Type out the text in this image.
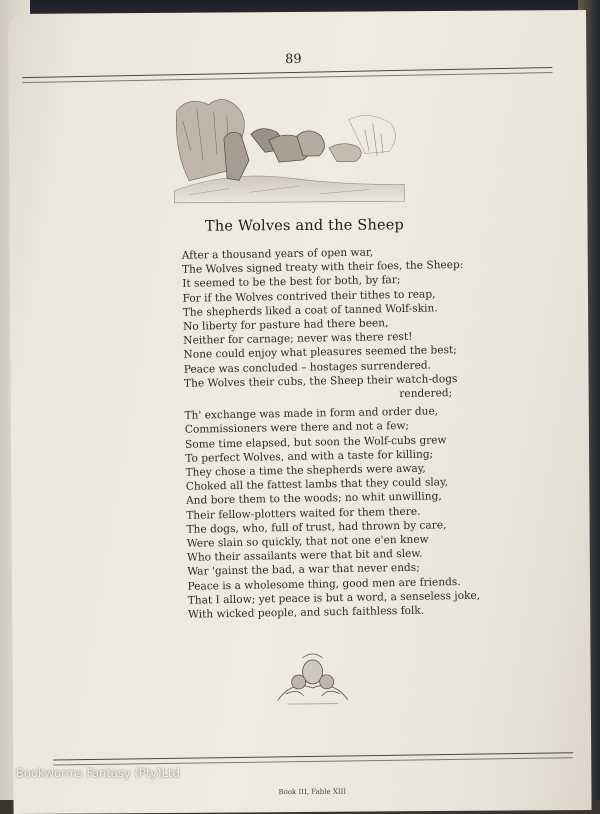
89
The Wolves and the Sheep
After a thousand years of open war,
The Wolves signed treaty with their foes, the Sheep:
It seemed to be the best for both, by far;
For if the Wolves contrived their tithes to reap,
The shepherds liked a coat of tanned Wolf-skin.
No liberty for pasture had there been,
Neither for carnage; never was there rest!
None could enjoy what pleasures seemed the best;
Peace was concluded – hostages surrendered.
The Wolves their cubs, the Sheep their watch-dogs
rendered;
Th' exchange was made in form and order due,
Commissioners were there and not a few;
Some time elapsed, but soon the Wolf-cubs grew
To perfect Wolves, and with a taste for killing;
They chose a time the shepherds were away,
Choked all the fattest lambs that they could slay,
And bore them to the woods; no whit unwilling,
Their fellow-plotters waited for them there.
The dogs, who, full of trust, had thrown by care,
Were slain so quickly, that not one e'en knew
Who their assailants were that bit and slew.
War 'gainst the bad, a war that never ends;
Peace is a wholesome thing, good men are friends.
That I allow; yet peace is but a word, a senseless joke,
With wicked people, and such faithless folk.
Book III, Fable XIII
Bookworms Fantasy (Pty)Ltd
